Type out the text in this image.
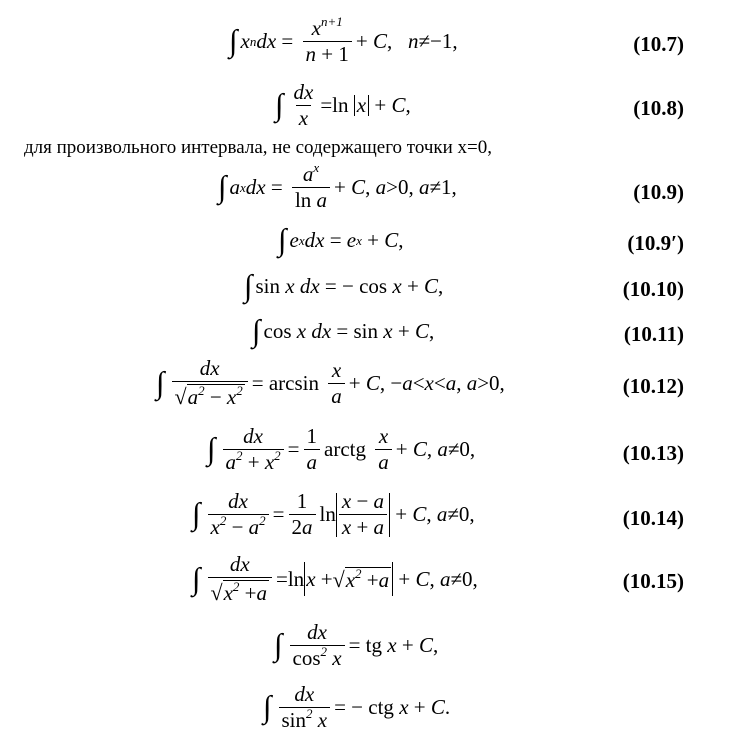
∫ x n dx = $\frac{x^{n+1}}{n + 1} + C$ , n ≠−1,	(10.7)
∫ $\frac{dx}{x} =\ln$
x + C ,	(10.8)
для произвольного интервала, не содержащего точки x=0,
∫ a x dx = $\frac{a^x}{\text{ln a}} + C$ , a >0, a ≠1,	(10.9)
∫ e x dx = e x + C ,	(10.9′)
∫ sin x dx = − cos x + C ,	(10.10)
∫ cos x dx = sin x + C ,	(10.11)
∫ $\frac{dx}{√ a^2 - x^2} = \arcsin \frac{x}{a} + C$ , − a < x < a , a >0,	(10.12)
∫ $\frac{dx}{a^2 + x^2} = \frac{1}{a}$ arctg $\frac{x}{a} + C$ , a ≠0,	(10.13)
∫ $\frac{dx}{x^2 - a^2} = \frac{1}{2a}$ $\ln \frac{x - a}{x + a} + C$ , a ≠0,	(10.14)
∫ $\frac{dx}{√ x^2 +a} =\ln$ x + √ $x^2 +a + C$ , a ≠0,	(10.15)
∫ $\frac{dx}{\cos^2 x}$ = tg x + C ,
∫ $\frac{dx}{\sin^2 x}$ = − ctg x + C .
